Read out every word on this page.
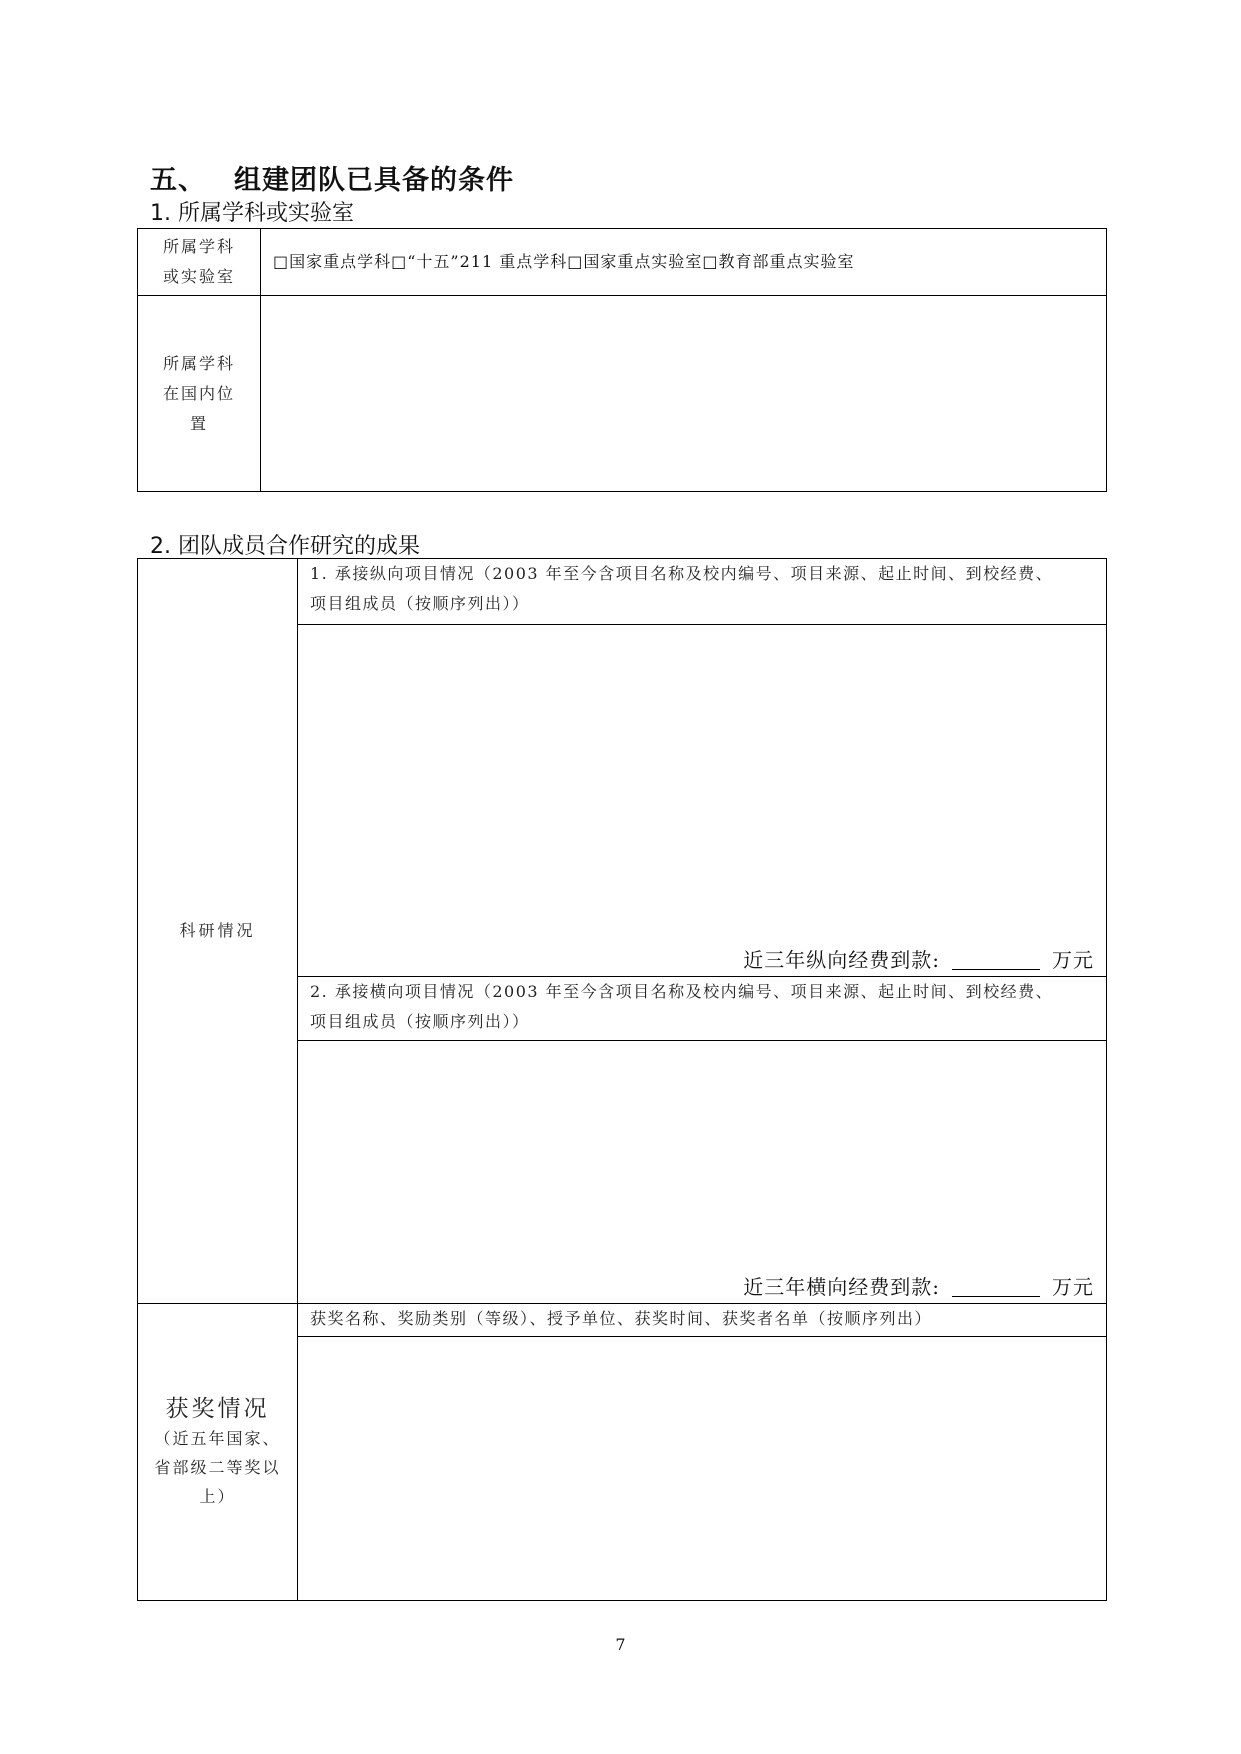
五、 组建团队已具备的条件
1. 所属学科或实验室
所属学科
或实验室	□国家重点学科□“十五”211 重点学科□国家重点实验室□教育部重点实验室

所属学科
在国内位
置	

2. 团队成员合作研究的成果
科研情况	1. 承接纵向项目情况（2003 年至今含项目名称及校内编号、项目来源、起止时间、到校经费、
项目组成员（按顺序列出））

	近三年纵向经费到款: 万元

	2. 承接横向项目情况（2003 年至今含项目名称及校内编号、项目来源、起止时间、到校经费、
项目组成员（按顺序列出））

	近三年横向经费到款: 万元

获奖情况
（近五年国家、
省部级二等奖以
上）	获奖名称、奖励类别（等级）、授予单位、获奖时间、获奖者名单（按顺序列出）

7
